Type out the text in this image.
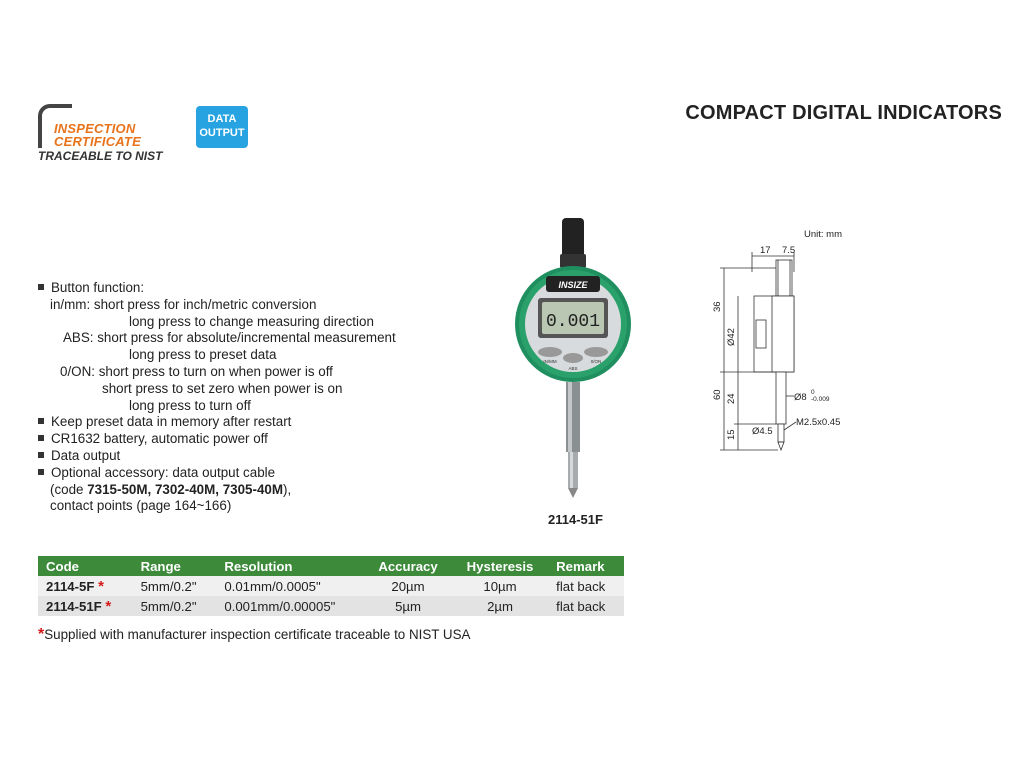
INSPECTION
CERTIFICATE
TRACEABLE TO NIST
DATA
OUTPUT
COMPACT DIGITAL INDICATORS
Button function:
in/mm: short press for inch/metric conversion
long press to change measuring direction
ABS: short press for absolute/incremental measurement
long press to preset data
0/ON: short press to turn on when power is off
short press to set zero when power is on
long press to turn off
Keep preset data in memory after restart
CR1632 battery, automatic power off
Data output
Optional accessory: data output cable
(code 7315-50M, 7302-40M, 7305-40M),
contact points (page 164~166)
INSIZE
0.001
IN/MM
ABS
0/ON
2114-51F
Unit: mm
17 7.5
36
Ø42
60 24
15
Ø8 0
-0.009
Ø4.5
M2.5x0.45
Code	Range	Resolution	Accuracy	Hysteresis	Remark
2114-5F *	5mm/0.2"	0.01mm/0.0005"	20µm	10µm	flat back
2114-51F *	5mm/0.2"	0.001mm/0.00005"	5µm	2µm	flat back
*Supplied with manufacturer inspection certificate traceable to NIST USA
